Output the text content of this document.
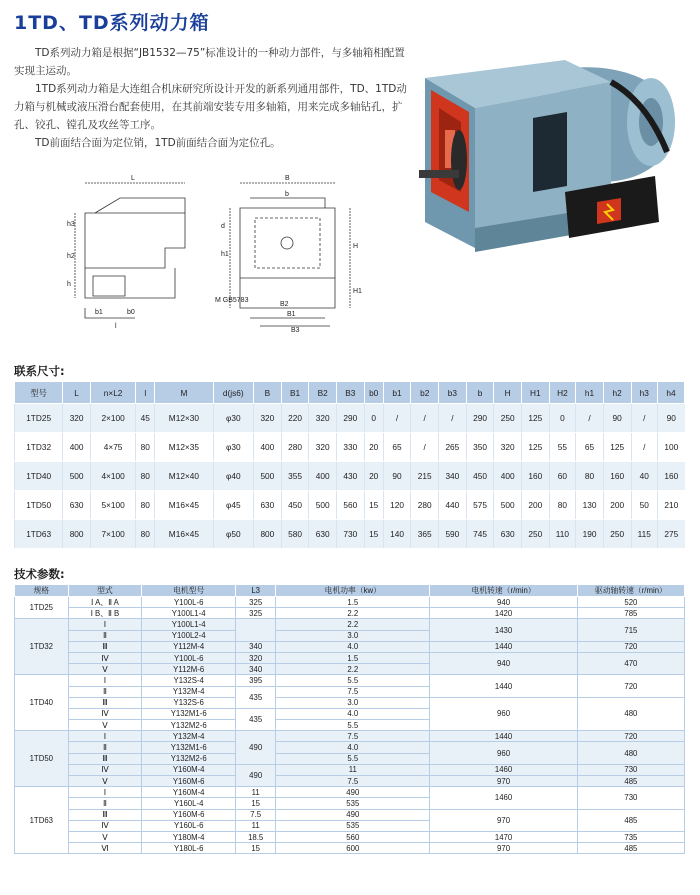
1TD、TD系列动力箱

TD系列动力箱是根据“JB1532—75”标准设计的一种动力部件，与多轴箱相配置实现主运动。

1TD系列动力箱是大连组合机床研究所设计开发的新系列通用部件，TD、1TD动力箱与机械或液压滑台配套使用，在其前端安装专用多轴箱，用来完成多轴钻孔，扩孔、铰孔、镗孔及攻丝等工序。

TD前面结合面为定位销，1TD前面结合面为定位孔。

L
h3
h2
h
b1	b0
l
B
b
H
H1
d
h1
B2
B1
B3
M GB5783
联系尺寸:
型号	L	n×L2	l	M	d(js6)	B	B1	B2	B3	b0	b1	b2	b3	b	H	H1	H2	h1	h2	h3	h4
1TD25	320	2×100	45	M12×30	φ30	320	220	320	290	0	/	/	/	290	250	125	0	/	90	/	90
1TD32	400	4×75	80	M12×35	φ30	400	280	320	330	20	65	/	265	350	320	125	55	65	125	/	100
1TD40	500	4×100	80	M12×40	φ40	500	355	400	430	20	90	215	340	450	400	160	60	80	160	40	160
1TD50	630	5×100	80	M16×45	φ45	630	450	500	560	15	120	280	440	575	500	200	80	130	200	50	210
1TD63	800	7×100	80	M16×45	φ50	800	580	630	730	15	140	365	590	745	630	250	110	190	250	115	275
技术参数:
规格	型式	电机型号	L3	电机功率（kw）	电机转速（r/min）	驱动轴转速（r/min）
1TD25	Ⅰ A、Ⅱ A	Y100L-6	325	1.5	940	520
	Ⅰ B、Ⅱ B	Y100L1-4	325	2.2	1420	785
1TD32	Ⅰ	Y100L1-4		2.2	1430	715
	Ⅱ	Y100L2-4		3.0		
	Ⅲ	Y112M-4	340	4.0	1440	720
	Ⅳ	Y100L-6	320	1.5	940	470
	Ⅴ	Y112M-6	340	2.2		
1TD40	Ⅰ	Y132S-4	395	5.5	1440	720
	Ⅱ	Y132M-4	435	7.5		
	Ⅲ	Y132S-6		3.0	960	480
	Ⅳ	Y132M1-6	435	4.0		
	Ⅴ	Y132M2-6		5.5		
1TD50	Ⅰ	Y132M-4	490	7.5	1440	720
	Ⅱ	Y132M1-6		4.0	960	480
	Ⅲ	Y132M2-6		5.5		
	Ⅳ	Y160M-4	490	11	1460	730
	Ⅴ	Y160M-6		7.5	970	485
1TD63	Ⅰ	Y160M-4	11	490	1460	730
	Ⅱ	Y160L-4	15	535		
	Ⅲ	Y160M-6	7.5	490	970	485
	Ⅳ	Y160L-6	11	535		
	Ⅴ	Y180M-4	18.5	560	1470	735
	Ⅵ	Y180L-6	15	600	970	485
